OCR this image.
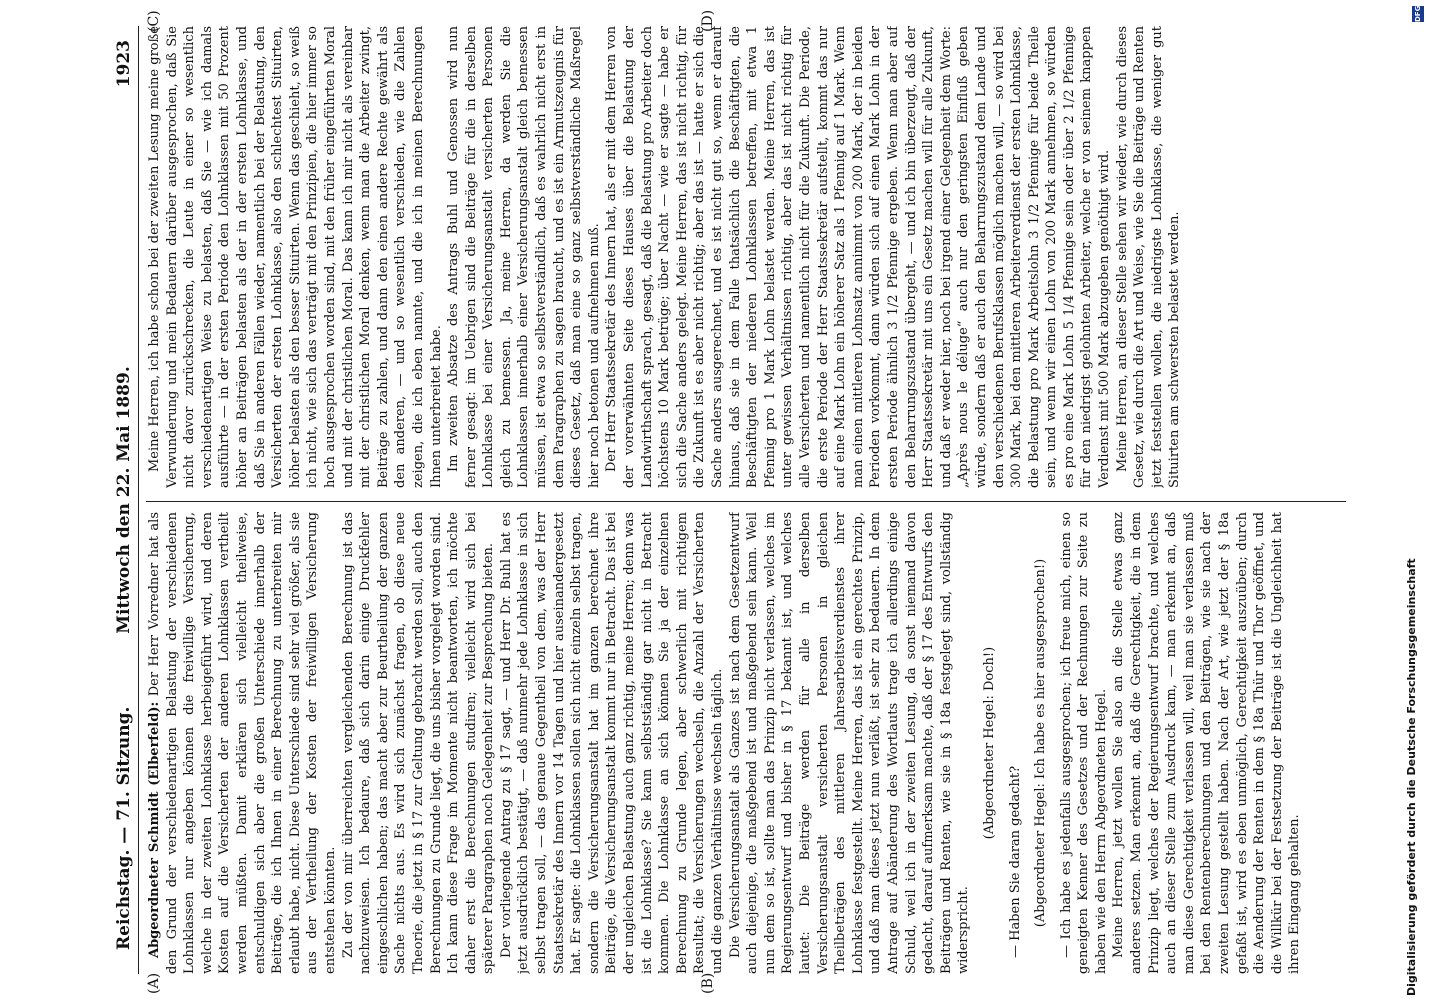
Reichstag. — 71. Sitzung.
Mittwoch den 22. Mai 1889.
1923
(A)	(B)
(C)	(D)

Abgeordneter Schmidt (Elberfeld): Der Herr Vorredner hat als den Grund der verschiedenartigen Belastung der verschiedenen Lohnklassen nur angeben können die freiwillige Versicherung, welche in der zweiten Lohnklasse herbeigeführt wird, und deren Kosten auf die Versicherten der anderen Lohnklassen vertheilt werden müßten. Damit erklären sich vielleicht theilweise, entschuldigen sich aber die großen Unterschiede innerhalb der Beiträge, die ich Ihnen in einer Berechnung zu unterbreiten mir erlaubt habe, nicht. Diese Unterschiede sind sehr viel größer, als sie aus der Vertheilung der Kosten der freiwilligen Versicherung entstehen könnten. Zu der von mir überreichten vergleichenden Berechnung ist das nachzuweisen. Ich bedaure, daß sich darin einige Druckfehler eingeschlichen haben; das macht aber zur Beurtheilung der ganzen Sache nichts aus. Es wird sich zunächst fragen, ob diese neue Theorie, die jetzt in § 17 zur Geltung gebracht werden soll, auch den Berechnungen zu Grunde liegt, die uns bisher vorgelegt worden sind. Ich kann diese Frage im Momente nicht beantworten, ich möchte daher erst die Berechnungen studiren; vielleicht wird sich bei späterer Paragraphen noch Gelegenheit zur Besprechung bieten. Der vorliegende Antrag zu § 17 sagt, — und Herr Dr. Buhl hat es jetzt ausdrücklich bestätigt, — daß nunmehr jede Lohnklasse in sich selbst tragen soll, — das genaue Gegentheil von dem, was der Herr Staatssekretär des Innern vor 14 Tagen und hier auseinandergesetzt hat. Er sagte: die Lohnklassen sollen sich nicht einzeln selbst tragen, sondern die Versicherungsanstalt hat im ganzen berechnet ihre Beiträge, die Versicherungsanstalt kommt nur in Betracht. Das ist bei der ungleichen Belastung auch ganz richtig, meine Herren; denn was ist die Lohnklasse? Sie kann selbstständig gar nicht in Betracht kommen. Die Lohnklasse an sich können Sie ja der einzelnen Berechnung zu Grunde legen, aber schwerlich mit richtigem Resultat; die Versicherungen wechseln, die Anzahl der Versicherten und die ganzen Verhältnisse wechseln täglich. Die Versicherungsanstalt als Ganzes ist nach dem Gesetzentwurf auch diejenige, die maßgebend ist und maßgebend sein kann. Weil nun dem so ist, sollte man das Prinzip nicht verlassen, welches im Regierungsentwurf und bisher in § 17 bekannt ist, und welches lautet: Die Beiträge werden für alle in derselben Versicherungsanstalt versicherten Personen in gleichen Theilbeträgen des mittleren Jahresarbeitsverdienstes ihrer Lohnklasse festgestellt. Meine Herren, das ist ein gerechtes Prinzip, und daß man dieses jetzt nun verläßt, ist sehr zu bedauern. In dem Antrage auf Abänderung des Wortlauts trage ich allerdings einige Schuld, weil ich in der zweiten Lesung, da sonst niemand davon gedacht, darauf aufmerksam machte, daß der § 17 des Entwurfs den Beiträgen und Renten, wie sie in § 18a festgelegt sind, vollständig widerspricht.

(Abgeordneter Hegel: Doch!)

— Haben Sie daran gedacht? (Abgeordneter Hegel: Ich habe es hier ausgesprochen!) — Ich habe es jedenfalls ausgesprochen; ich freue mich, einen so geneigten Kenner des Gesetzes und der Rechnungen zur Seite zu haben wie den Herrn Abgeordneten Hegel. Meine Herren, jetzt wollen Sie also an die Stelle etwas ganz anderes setzen. Man erkennt an, daß die Gerechtigkeit, die in dem Prinzip liegt, welches der Regierungsentwurf brachte, und welches auch an dieser Stelle zum Ausdruck kam, — man erkennt an, daß man diese Gerechtigkeit verlassen will, weil man sie verlassen muß bei den Rentenberechnungen und den Beiträgen, wie sie nach der zweiten Lesung gestellt haben. Nach der Art, wie jetzt der § 18a gefaßt ist, wird es eben unmöglich, Gerechtigkeit auszuüben; durch die Aenderung der Renten in dem § 18a Thür und Thor geöffnet, und die Willkür bei der Festsetzung der Beiträge ist die Ungleichheit hat ihren Eingang gehalten.

Meine Herren, ich habe schon bei der zweiten Lesung meine große Verwunderung und mein Bedauern darüber ausgesprochen, daß Sie nicht davor zurückschrecken, die Leute in einer so wesentlich verschiedenartigen Weise zu belasten, daß Sie — wie ich damals ausführte — in der ersten Periode den Lohnklassen mit 50 Prozent höher an Beiträgen belasten als der in der ersten Lohnklasse, und daß Sie in anderen Fällen wieder, namentlich bei der Belastung, den Versicherten der ersten Lohnklasse, also den schlechtest Situirten, höher belasten als den besser Situirten. Wenn das geschieht, so weiß ich nicht, wie sich das verträgt mit den Prinzipien, die hier immer so hoch ausgesprochen worden sind, mit den früher eingeführten Moral und mit der christlichen Moral. Das kann ich mir nicht als vereinbar mit der christlichen Moral denken, wenn man die Arbeiter zwingt, Beiträge zu zahlen, und dann den einen andere Rechte gewährt als den anderen, — und so wesentlich verschieden, wie die Zahlen zeigen, die ich eben nannte, und die ich in meinen Berechnungen Ihnen unterbreitet habe. Im zweiten Absatze des Antrags Buhl und Genossen wird nun ferner gesagt: im Uebrigen sind die Beiträge für die in derselben Lohnklasse bei einer Versicherungsanstalt versicherten Personen gleich zu bemessen. Ja, meine Herren, da werden Sie die Lohnklassen innerhalb einer Versicherungsanstalt gleich bemessen müssen, ist etwa so selbstverständlich, daß es wahrlich nicht erst in dem Paragraphen zu sagen braucht, und es ist ein Armutszeugnis für dieses Gesetz, daß man eine so ganz selbstverständliche Maßregel hier noch betonen und aufnehmen muß. Der Herr Staatssekretär des Innern hat, als er mit dem Herren von der vorerwähnten Seite dieses Hauses über die Belastung der Landwirthschaft sprach, gesagt, daß die Belastung pro Arbeiter doch höchstens 10 Mark betrüge; über Nacht — wie er sagte — habe er sich die Sache anders gelegt. Meine Herren, das ist nicht richtig, für die Zukunft ist es aber nicht richtig; aber das ist — hatte er sich die Sache anders ausgerechnet, und es ist nicht gut so, wenn er darauf hinaus, daß sie in dem Falle thatsächlich die Beschäftigten, die Beschäftigten der niederen Lohnklassen betreffen, mit etwa 1 Pfennig pro 1 Mark Lohn belastet werden. Meine Herren, das ist unter gewissen Verhältnissen richtig, aber das ist nicht richtig für alle Versicherten und namentlich nicht für die Zukunft. Die Periode, die erste Periode der Herr Staatssekretär aufstellt, kommt das nur auf eine Mark Lohn ein höherer Satz als 1 Pfennig auf 1 Mark. Wenn man einen mittleren Lohnsatz annimmt von 200 Mark, der in beiden Perioden vorkommt, dann würden sich auf einen Mark Lohn in der ersten Periode ähnlich 3 1/2 Pfennige ergeben. Wenn man aber auf den Beharrungszustand übergeht, — und ich bin überzeugt, daß der Herr Staatssekretär mit uns ein Gesetz machen will für alle Zukunft, und daß er weder hier, noch bei irgend einer Gelegenheit dem Worte: „Après nous le déluge“ auch nur den geringsten Einfluß geben würde, sondern daß er auch den Beharrungszustand dem Lande und den verschiedenen Berufsklassen möglich machen will, — so wird bei 300 Mark, bei den mittleren Arbeiterverdienst der ersten Lohnklasse, die Belastung pro Mark Arbeitslohn 3 1/2 Pfennige für beide Theile sein, und wenn wir einen Lohn von 200 Mark annehmen, so würden es pro eine Mark Lohn 5 1/4 Pfennige sein oder über 2 1/2 Pfennige für den niedrigst gelohnten Arbeiter, welche er von seinem knappen Verdienst mit 500 Mark abzugeben genöthigt wird. Meine Herren, an dieser Stelle sehen wir wieder, wie durch dieses Gesetz, wie durch die Art und Weise, wie Sie die Beiträge und Renten jetzt feststellen wollen, die niedrigste Lohnklasse, die weniger gut Situirten am schwersten belastet werden.

Digitalisierung gefördert durch die Deutsche Forschungsgemeinschaft
DFG
